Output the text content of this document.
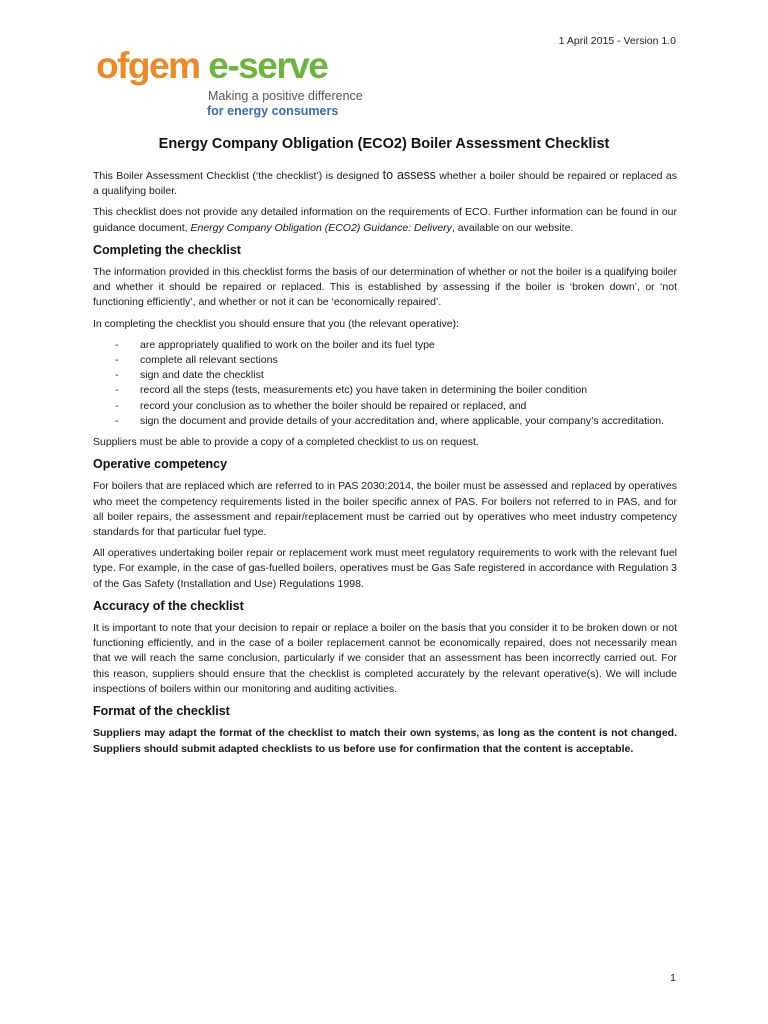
1 April 2015 - Version 1.0
ofgem e-serve
Making a positive difference
for energy consumers
Energy Company Obligation (ECO2) Boiler Assessment Checklist

This Boiler Assessment Checklist (‘the checklist’) is designed to assess whether a boiler should be repaired or replaced as a qualifying boiler.

This checklist does not provide any detailed information on the requirements of ECO. Further information can be found in our guidance document, Energy Company Obligation (ECO2) Guidance: Delivery, available on our website.

Completing the checklist

The information provided in this checklist forms the basis of our determination of whether or not the boiler is a qualifying boiler and whether it should be repaired or replaced. This is established by assessing if the boiler is ‘broken down’, or ‘not functioning efficiently’, and whether or not it can be ‘economically repaired’.

In completing the checklist you should ensure that you (the relevant operative):

- are appropriately qualified to work on the boiler and its fuel type
- complete all relevant sections
- sign and date the checklist
- record all the steps (tests, measurements etc) you have taken in determining the boiler condition
- record your conclusion as to whether the boiler should be repaired or replaced, and
- sign the document and provide details of your accreditation and, where applicable, your company’s accreditation.

Suppliers must be able to provide a copy of a completed checklist to us on request.

Operative competency

For boilers that are replaced which are referred to in PAS 2030:2014, the boiler must be assessed and replaced by operatives who meet the competency requirements listed in the boiler specific annex of PAS. For boilers not referred to in PAS, and for all boiler repairs, the assessment and repair/replacement must be carried out by operatives who meet industry competency standards for that particular fuel type.

All operatives undertaking boiler repair or replacement work must meet regulatory requirements to work with the relevant fuel type. For example, in the case of gas-fuelled boilers, operatives must be Gas Safe registered in accordance with Regulation 3 of the Gas Safety (Installation and Use) Regulations 1998.

Accuracy of the checklist

It is important to note that your decision to repair or replace a boiler on the basis that you consider it to be broken down or not functioning efficiently, and in the case of a boiler replacement cannot be economically repaired, does not necessarily mean that we will reach the same conclusion, particularly if we consider that an assessment has been incorrectly carried out. For this reason, suppliers should ensure that the checklist is completed accurately by the relevant operative(s). We will include inspections of boilers within our monitoring and auditing activities.

Format of the checklist

Suppliers may adapt the format of the checklist to match their own systems, as long as the content is not changed. Suppliers should submit adapted checklists to us before use for confirmation that the content is acceptable.

1
